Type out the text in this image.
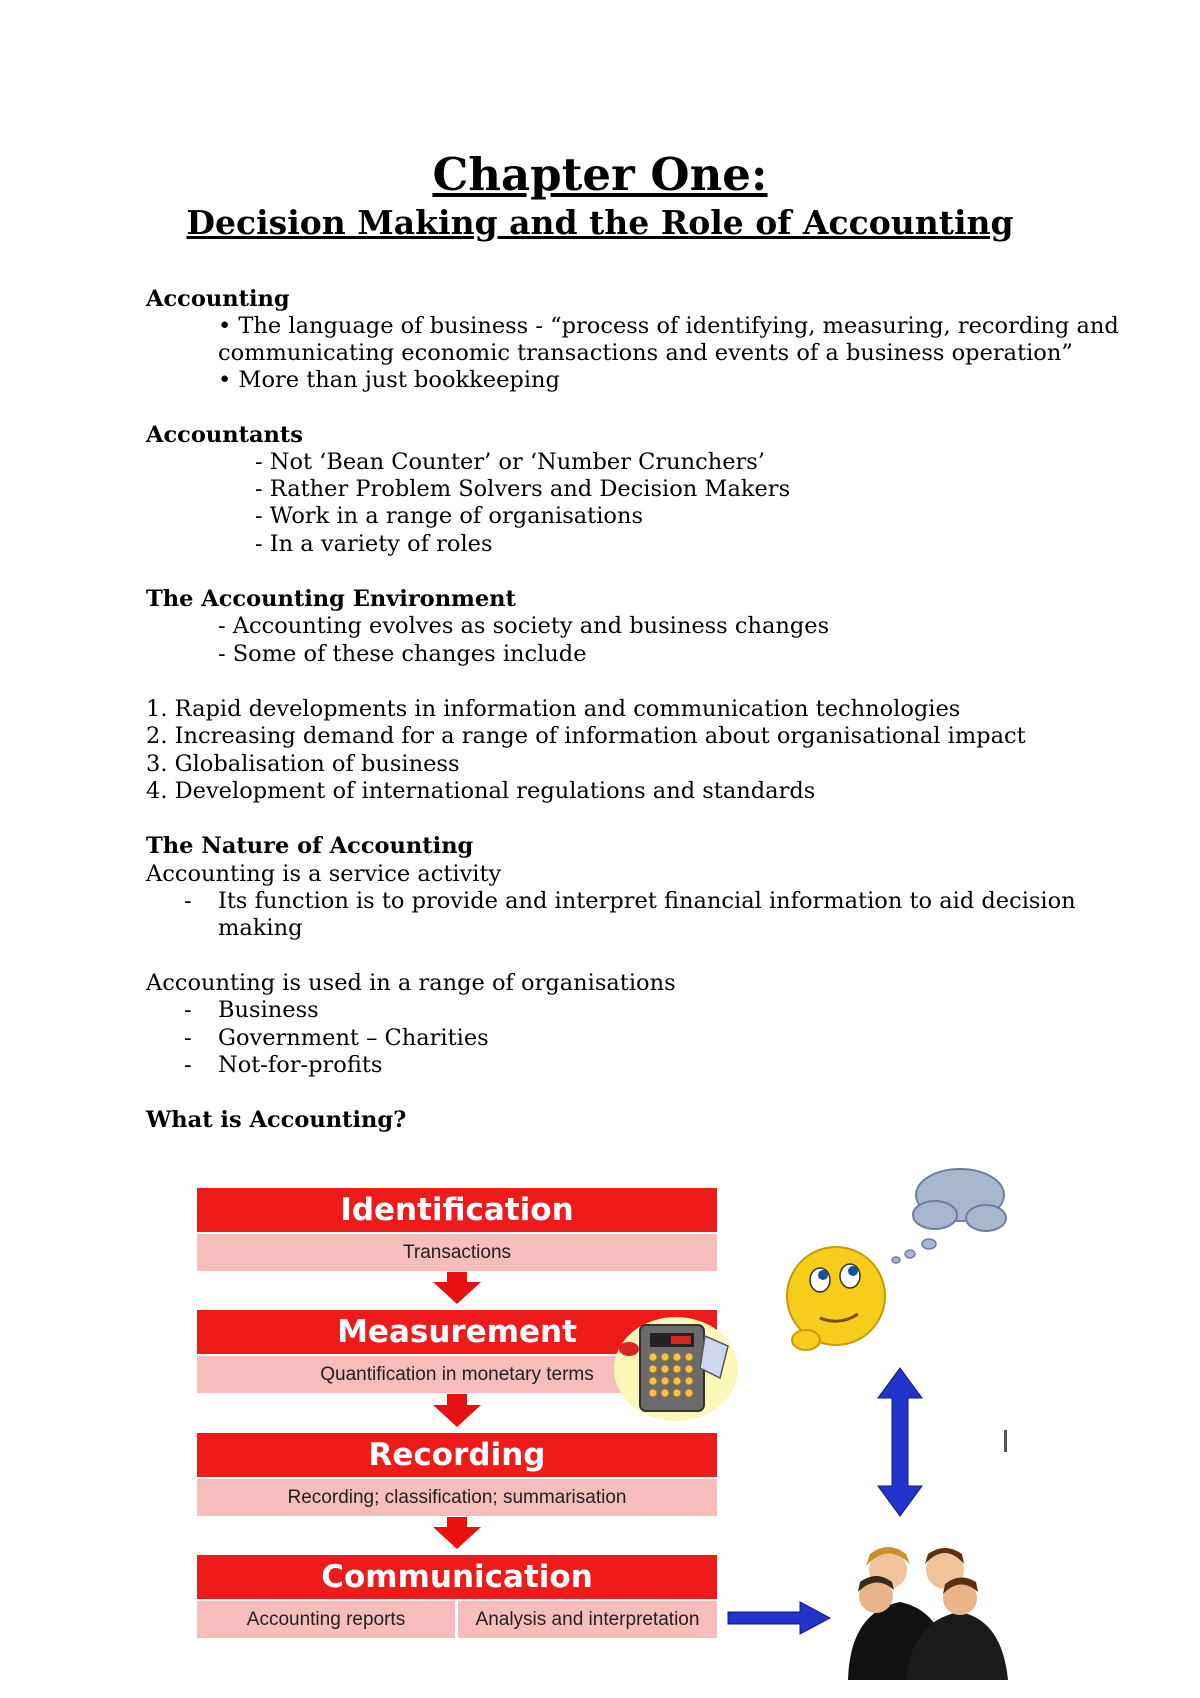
Chapter One:
Decision Making and the Role of Accounting
Accounting
• The language of business - “process of identifying, measuring, recording and
communicating economic transactions and events of a business operation”
• More than just bookkeeping
Accountants
- Not ‘Bean Counter’ or ‘Number Crunchers’
- Rather Problem Solvers and Decision Makers
- Work in a range of organisations
- In a variety of roles
The Accounting Environment
- Accounting evolves as society and business changes
- Some of these changes include
1. Rapid developments in information and communication technologies
2. Increasing demand for a range of information about organisational impact
3. Globalisation of business
4. Development of international regulations and standards
The Nature of Accounting
Accounting is a service activity
- Its function is to provide and interpret financial information to aid decision
making
Accounting is used in a range of organisations
- Business
- Government – Charities
- Not-for-profits
What is Accounting?
Identification
Transactions
Measurement
Quantification in monetary terms
Recording
Recording; classification; summarisation
Communication
Accounting reports	Analysis and interpretation
